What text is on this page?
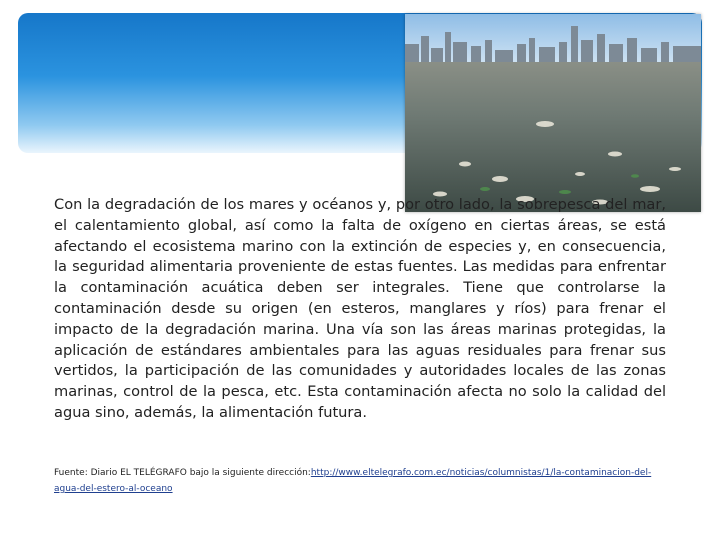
Con la degradación de los mares y océanos y, por otro lado, la sobrepesca del mar, el calentamiento global, así como la falta de oxígeno en ciertas áreas, se está afectando el ecosistema marino con la extinción de especies y, en consecuencia, la seguridad alimentaria proveniente de estas fuentes. Las medidas para enfrentar la contaminación acuática deben ser integrales. Tiene que controlarse la contaminación desde su origen (en esteros, manglares y ríos) para frenar el impacto de la degradación marina. Una vía son las áreas marinas protegidas, la aplicación de estándares ambientales para las aguas residuales para frenar sus vertidos, la participación de las comunidades y autoridades locales de las zonas marinas, control de la pesca, etc. Esta contaminación afecta no solo la calidad del agua sino, además, la alimentación futura.
Fuente: Diario EL TELÉGRAFO bajo la siguiente dirección:http://www.eltelegrafo.com.ec/noticias/columnistas/1/la-contaminacion-del-agua-del-estero-al-oceano
